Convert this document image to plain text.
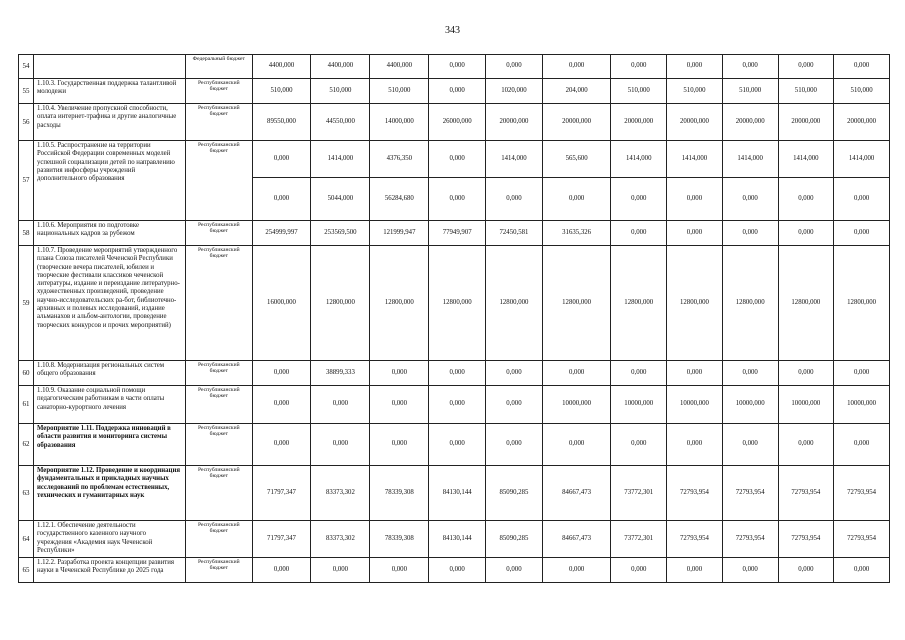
343
54		Федеральный бюджет	4400,000	4400,000	4400,000	0,000	0,000	0,000	0,000	0,000	0,000	0,000	0,000
55	1.10.3. Государственная поддержка талантливой молодежи	Республиканский бюджет	510,000	510,000	510,000	0,000	1020,000	204,000	510,000	510,000	510,000	510,000	510,000
56	1.10.4. Увеличение пропускной способности, оплата интернет-трафика и другие аналогичные расходы	Республиканский бюджет	89550,000	44550,000	14000,000	26000,000	20000,000	20000,000	20000,000	20000,000	20000,000	20000,000	20000,000
57	1.10.5. Распространение на территории Российской Федерации современных моделей успешной социализации детей по направлению развития инфосферы учреждений дополнительного образования	Республиканский бюджет	0,000	1414,000	4376,350	0,000	1414,000	565,600	1414,000	1414,000	1414,000	1414,000	1414,000
			0,000	5044,000	56284,680	0,000	0,000	0,000	0,000	0,000	0,000	0,000	0,000
58	1.10.6. Мероприятия по подготовке национальных кадров за рубежом	Республиканский бюджет	254999,997	253569,500	121999,947	77949,907	72450,581	31635,326	0,000	0,000	0,000	0,000	0,000
59	1.10.7. Проведение мероприятий утвержденного плана Союза писателей Чеченской Республики (творческие вечера писателей, юбилеи и творческие фестивали классиков чеченской литературы, издание и переиздание литературно-художественных произведений, проведение научно-исследовательских ра-бот, библиотечно-архивных и полевых исследований, издание альманахов и альбом-антологии, проведение творческих конкурсов и прочих мероприятий)	Республиканский бюджет	16000,000	12800,000	12800,000	12800,000	12800,000	12800,000	12800,000	12800,000	12800,000	12800,000	12800,000
60	1.10.8. Модернизация региональных систем общего образования	Республиканский бюджет	0,000	38899,333	0,000	0,000	0,000	0,000	0,000	0,000	0,000	0,000	0,000
61	1.10.9. Оказание социальной помощи педагогическим работникам в части оплаты санаторно-курортного лечения	Республиканский бюджет	0,000	0,000	0,000	0,000	0,000	10000,000	10000,000	10000,000	10000,000	10000,000	10000,000
62	Мероприятие 1.11. Поддержка инноваций в области развития и мониторинга системы образования	Республиканский бюджет	0,000	0,000	0,000	0,000	0,000	0,000	0,000	0,000	0,000	0,000	0,000
63	Мероприятие 1.12. Проведение и координация фундаментальных и прикладных научных исследований по проблемам естественных, технических и гуманитарных наук	Республиканский бюджет	71797,347	83373,302	78339,308	84130,144	85090,285	84667,473	73772,301	72793,954	72793,954	72793,954	72793,954
64	1.12.1. Обеспечение деятельности государственного казенного научного учреждения «Академия наук Чеченской Республики»	Республиканский бюджет	71797,347	83373,302	78339,308	84130,144	85090,285	84667,473	73772,301	72793,954	72793,954	72793,954	72793,954
65	1.12.2. Разработка проекта концепции развития науки в Чеченской Республике до 2025 года	Республиканский бюджет	0,000	0,000	0,000	0,000	0,000	0,000	0,000	0,000	0,000	0,000	0,000
